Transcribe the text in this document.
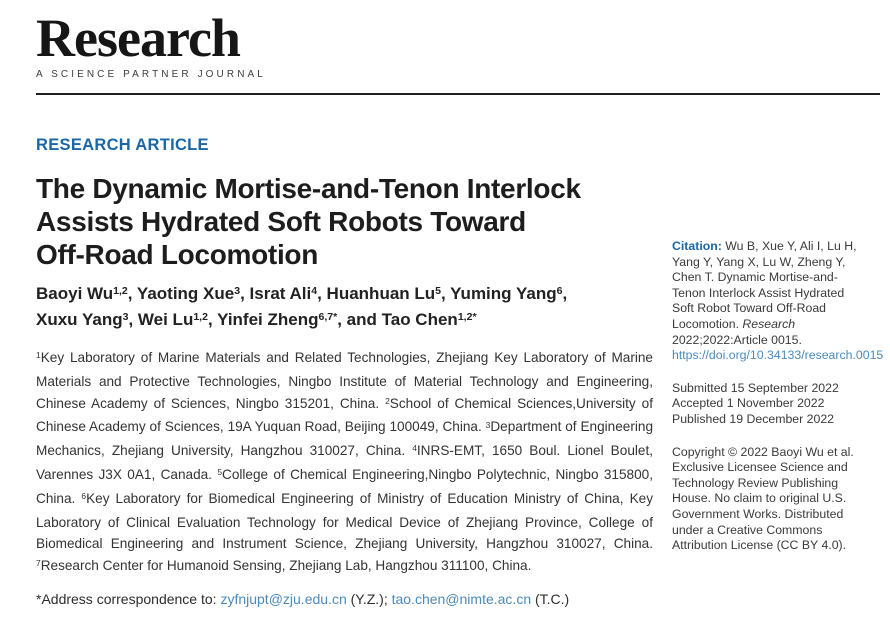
Research
A SCIENCE PARTNER JOURNAL
RESEARCH ARTICLE
The Dynamic Mortise-and-Tenon Interlock
Assists Hydrated Soft Robots Toward
Off-Road Locomotion
Baoyi Wu$^{1,2}$, Yaoting Xue$^3$, Israt Ali$^4$, Huanhuan Lu$^5$, Yuming Yang$^6$,
Xuxu Yang$^3$, Wei Lu$^{1,2}$, Yinfei Zheng$^{6,7*}$, and Tao Chen$^{1,2*}$
$^1$Key Laboratory of Marine Materials and Related Technologies, Zhejiang Key Laboratory of Marine Materials and Protective Technologies, Ningbo Institute of Material Technology and Engineering, Chinese Academy of Sciences, Ningbo 315201, China. $^2$School of Chemical Sciences,University of Chinese Academy of Sciences, 19A Yuquan Road, Beijing 100049, China. $^3$Department of Engineering Mechanics, Zhejiang University, Hangzhou 310027, China. $^4$INRS-EMT, 1650 Boul. Lionel Boulet, Varennes J3X 0A1, Canada. $^5$College of Chemical Engineering,Ningbo Polytechnic, Ningbo 315800, China. $^6$Key Laboratory for Biomedical Engineering of Ministry of Education Ministry of China, Key Laboratory of Clinical Evaluation Technology for Medical Device of Zhejiang Province, College of Biomedical Engineering and Instrument Science, Zhejiang University, Hangzhou 310027, China. $^7$Research Center for Humanoid Sensing, Zhejiang Lab, Hangzhou 311100, China.
*Address correspondence to: zyfnjupt@zju.edu.cn (Y.Z.); tao.chen@nimte.ac.cn (T.C.)

Citation: Wu B, Xue Y, Ali I, Lu H, Yang Y, Yang X, Lu W, Zheng Y, Chen T. Dynamic Mortise-and-Tenon Interlock Assist Hydrated Soft Robot Toward Off-Road Locomotion. Research 2022;2022:Article 0015. https://doi.org/10.34133/research.0015

Submitted 15 September 2022
Accepted 1 November 2022
Published 19 December 2022

Copyright © 2022 Baoyi Wu et al. Exclusive Licensee Science and Technology Review Publishing House. No claim to original U.S. Government Works. Distributed under a Creative Commons Attribution License (CC BY 4.0).
